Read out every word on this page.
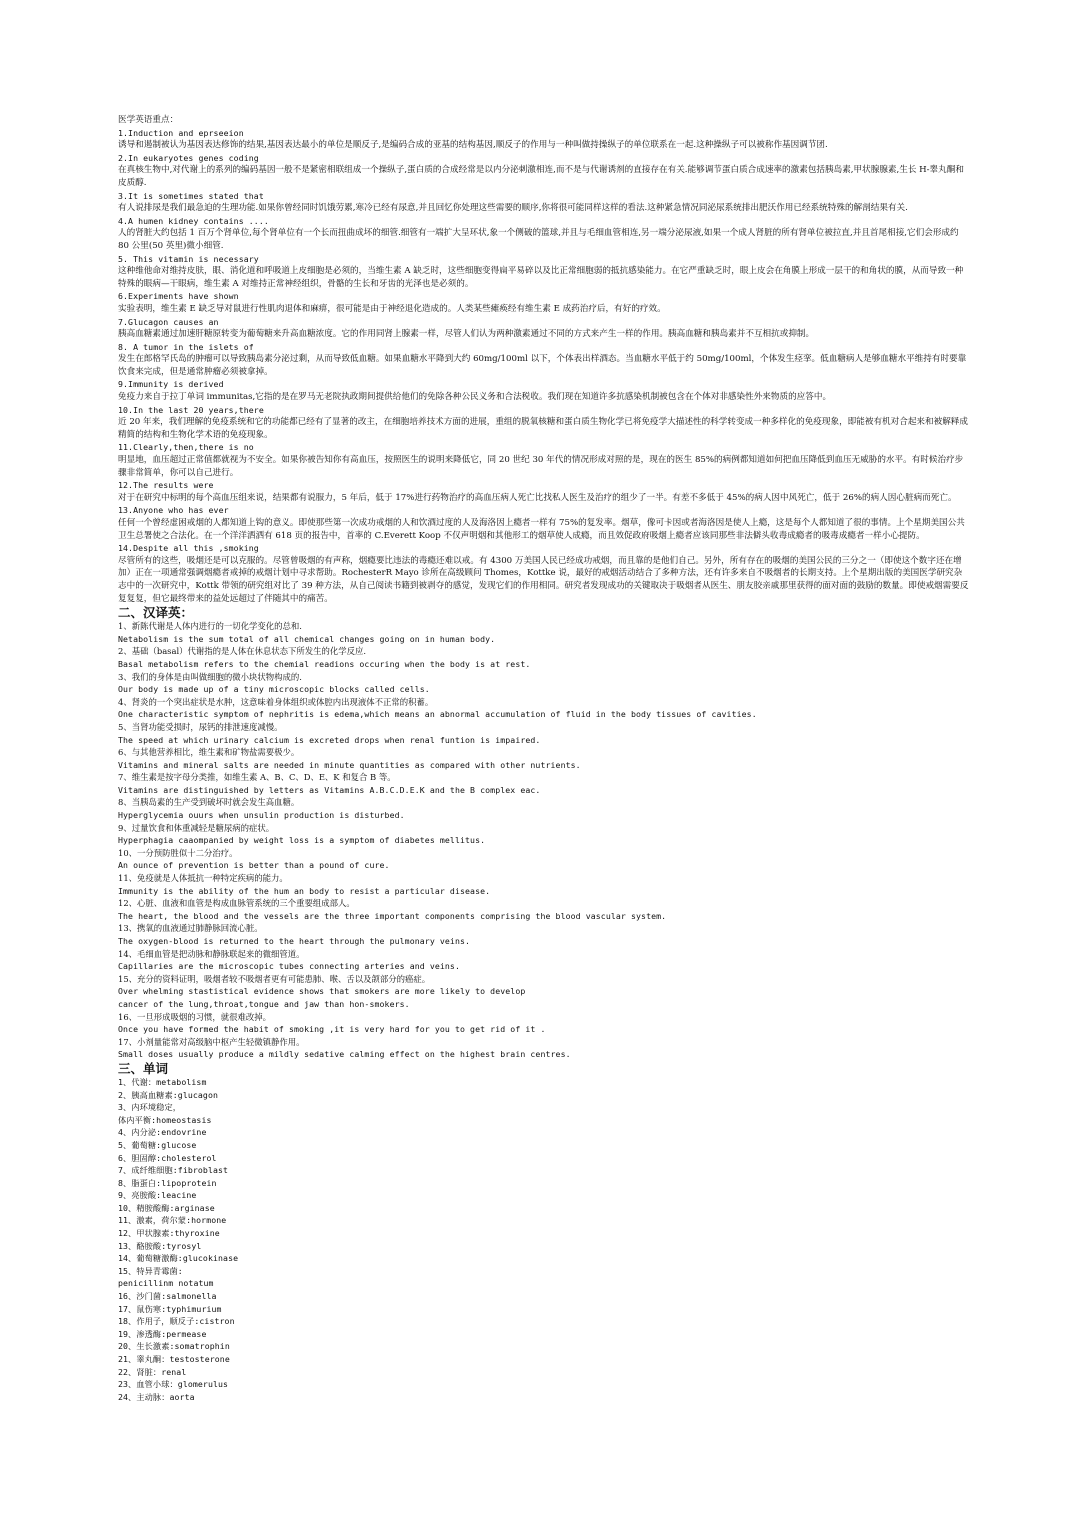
医学英语重点：

1.Induction and eprseeion

诱导和遏制被认为基因表达修饰的结果,基因表达最小的单位是顺反子,是编码合成的亚基的结构基因,顺反子的作用与一种叫做持操纵子的单位联系在一起.这种操纵子可以被称作基因调节团.

2.In eukaryotes genes coding

在真核生物中,对代谢上的系列的编码基因一般不是紧密相联组成一个操纵子,蛋白质的合成经常是以内分泌刺激相连,而不是与代谢诱剂的直接存在有关.能够调节蛋白质合成速率的激素包括胰岛素,甲状腺腺素,生长 H-睾丸酮和皮质醇.

3.It is sometimes stated that

有人说排尿是我们最急迫的生理功能.如果你曾经同时饥饿劳累,寒冷已经有尿意,并且回忆你处理这些需要的顺序,你将很可能同样这样的看法.这种紧急情况同泌尿系统排出肥沃作用已经系统特殊的解剖结果有关.

4.A humen kidney contains ....

人的肾脏大约包括 1 百万个肾单位,每个肾单位有一个长而扭曲成坏的细管.细管有一端扩大呈环状,象一个侧破的篮球,并且与毛细血管相连,另一端分泌尿液,如果一个成人肾脏的所有肾单位被拉直,并且首尾相接,它们会形成约 80 公里(50 英里)微小细管.

5. This vitamin is necessary

这种维他命对维持皮肤，眼、消化道和呼吸道上皮细胞是必须的，当维生素 A 缺乏时，这些细胞变得扁平易碎以及比正常细胞弱的抵抗感染能力。在它严重缺乏时，眼上皮会在角膜上形成一层干的和角状的膜，从而导致一种特殊的眼病—干眼病，维生素 A 对维持正常神经组织，骨骼的生长和牙齿的光泽也是必须的。

6.Experiments have shown

实验表明，维生素 E 缺乏导对鼠进行性肌肉退体和麻痹，很可能是由于神经退化造成的。人类某些瘫痪经有维生素 E 成药治疗后，有好的疗效。

7.Glucagon causes an

胰高血糖素通过加速肝糖原转变为葡萄糖来升高血糖浓度。它的作用同肾上腺素一样，尽管人们认为两种激素通过不同的方式来产生一样的作用。胰高血糖和胰岛素并不互相抗或抑制。

8. A tumor in the islets of

发生在郎格罕氏岛的肿瘤可以导致胰岛素分泌过剩，从而导致低血糖。如果血糖水平降到大约 60mg/100ml 以下，个体表出样酒态。当血糖水平低于约 50mg/100ml，个体发生痉挛。低血糖病人是够血糖水平维持有时要靠饮食来完成，但是通常肿瘤必须被拿掉。

9.Immunity is derived

免疫力来自于拉丁单词 immunitas,它指的是在罗马无老院执政期间提供给他们的免除各种公民义务和合法税收。我们现在知道许多抗感染机制被包含在个体对非感染性外来物质的应答中。

10.In the last 20 years,there

近 20 年来，我们理解的免疫系统和它的功能都已经有了显著的改主，在细胞培养技术方面的进展，重组的脱氧核糖和蛋白质生物化学已将免疫学大描述性的科学转变成一种多样化的免疫现象，即能被有机对合起来和被解释成精简的结构和生物化学术语的免疫现象。

11.Clearly,then,there is no

明显地，血压超过正常值都就视为不安全。如果你被告知你有高血压，按照医生的说明来降低它，同 20 世纪 30 年代的情况形成对照的是，现在的医生 85%的病例都知道如何把血压降低到血压无威胁的水平。有时候治疗步骤非常简单，你可以自己进行。

12.The results were

对于在研究中标明的每个高血压组来说，结果都有说服力，5 年后，低于 17%进行药物治疗的高血压病人死亡比找私人医生及治疗的组少了一半。有差不多低于 45%的病人因中风死亡，低于 26%的病人因心脏病而死亡。

13.Anyone who has ever

任何一个曾经虚困戒烟的人都知道上钩的意义。即使那些第一次成功戒烟的人和饮酒过度的人及海洛因上瘾者一样有 75%的复发率。烟草，像可卡因或者海洛因是使人上瘾，这是每个人都知道了很的事情。上个星期美国公共卫生总署使之合法化。在一个洋洋洒洒有 618 页的报告中，首率的 C.Everett Koop 不仅声明烟和其他形工的烟草使人成瘾，而且效促政府吸烟上瘾者应该同那些非法僻头收毒成瘾者的吸毒成瘾者一样小心提防。

14.Despite all this ,smoking

尽管所有的这些，吸烟还是可以克服的。尽管曾吸烟的有声称，烟瘾要比违法的毒瘾还难以戒。有 4300 万美国人民已经成功戒烟，而且靠的是他们自己。另外，所有存在的吸烟的美国公民的三分之一（即使这个数字还在增加）正在一项通常强调烟瘾者戒掉的戒烟计划中寻求帮助。RochesterR Mayo 诊所在高级顾问 Thomes，Kottke 说，最好的戒烟活动结合了多种方法，还有许多来自不吸烟者的长期支持。上个星期出版的美国医学研究杂志中的一次研究中，Kottk 带领的研究组对比了 39 种方法，从自己阅读书籍到被剥夺的感觉，发现它们的作用相同。研究者发现成功的关键取决于吸烟者从医生、朋友胶亲戚那里获得的面对面的鼓励的数量。即使戒烟需要反复复复，但它最终带来的益处远超过了伴随其中的痛苦。

二、汉译英：

1、新陈代谢是人体内进行的一切化学变化的总和.

Netabolism is the sum total of all chemical changes going on in human body.

2、基础（basal）代谢指的是人体在休息状态下所发生的化学反应.

Basal metabolism refers to the chemial readions occuring when the body is at rest.

3、我们的身体是由叫做细胞的微小块状物构成的.

Our body is made up of a tiny microscopic blocks called cells.

4、肾炎的一个突出症状是水肿，这意味着身体组织或体腔内出现液体不正常的积蓄。

One characteristic symptom of nephritis is edema,which means an abnormal accumulation of fluid in the body tissues of cavities.

5、当肾功能受损时，尿钙的排泄速度减慢。

The speed at which urinary calcium is excreted drops when renal funtion is impaired.

6、与其他营养相比，维生素和矿物盐需要极少。

Vitamins and mineral salts are needed in minute quantities as compared with other nutrients.

7、维生素是按字母分类推，如维生素 A、B、C、D、E、K 和复合 B 等。

Vitamins are distinguished by letters as Vitamins A.B.C.D.E.K and the B complex eac.

8、当胰岛素的生产受到破坏时就会发生高血糖。

Hyperglycemia ouurs when unsulin production is disturbed.

9、过量饮食和体重减轻是糖尿病的症状。

Hyperphagia caaompanied by weight loss is a symptom of diabetes mellitus.

10、一分预防胜似十二分治疗。

An ounce of prevention is better than a pound of cure.

11、免疫就是人体抵抗一种特定疾病的能力。

Immunity is the ability of the hum an body to resist a particular disease.

12、心脏、血液和血管是构成血脉管系统的三个重要组成部人。

The heart, the blood and the vessels are the three important components comprising the blood vascular system.

13、携氧的血液通过肺静脉回流心脏。

The oxygen-blood is returned to the heart through the pulmonary veins.

14、毛细血管是把动脉和静脉联起来的微细管道。

Capillaries are the microscopic tubes connecting arteries and veins.

15、充分的资料证明，吸烟者较不吸烟者更有可能患肺、喉、舌以及颌部分的癌症。

Over whelming stastistical evidence shows that smokers are more likely to develop

cancer of the lung,throat,tongue and jaw than hon-smokers.

16、一旦形成吸烟的习惯，就很难改掉。

Once you have formed the habit of smoking ,it is very hard for you to get rid of it .

17、小剂量能常对高级脑中枢产生轻微镇静作用。

Small doses usually produce a mildly sedative calming effect on the highest brain centres.

三、单词

1、代谢：metabolism

2、胰高血糖素:glucagon

3、内环境稳定，

体内平衡:homeostasis

4、内分泌:endovrine

5、葡萄糖:glucose

6、胆固醇:cholesterol

7、成纤维细胞:fibroblast

8、脂蛋白:lipoprotein

9、亮胺酸:leacine

10、精胺酸酶:arginase

11、激素，荷尔蒙:hormone

12、甲状腺素:thyroxine

13、酪胺酸:tyrosyl

14、葡萄糖激酶:glucokinase

15、特异青霉菌:

penicillinm notatum

16、沙门菌:salmonella

17、鼠伤寒:typhimurium

18、作用子，顺反子:cistron

19、渗透酶:permease

20、生长激素:somatrophin

21、睾丸酮：testosterone

22、肾脏：renal

23、血管小球：glomerulus

24、主动脉：aorta
